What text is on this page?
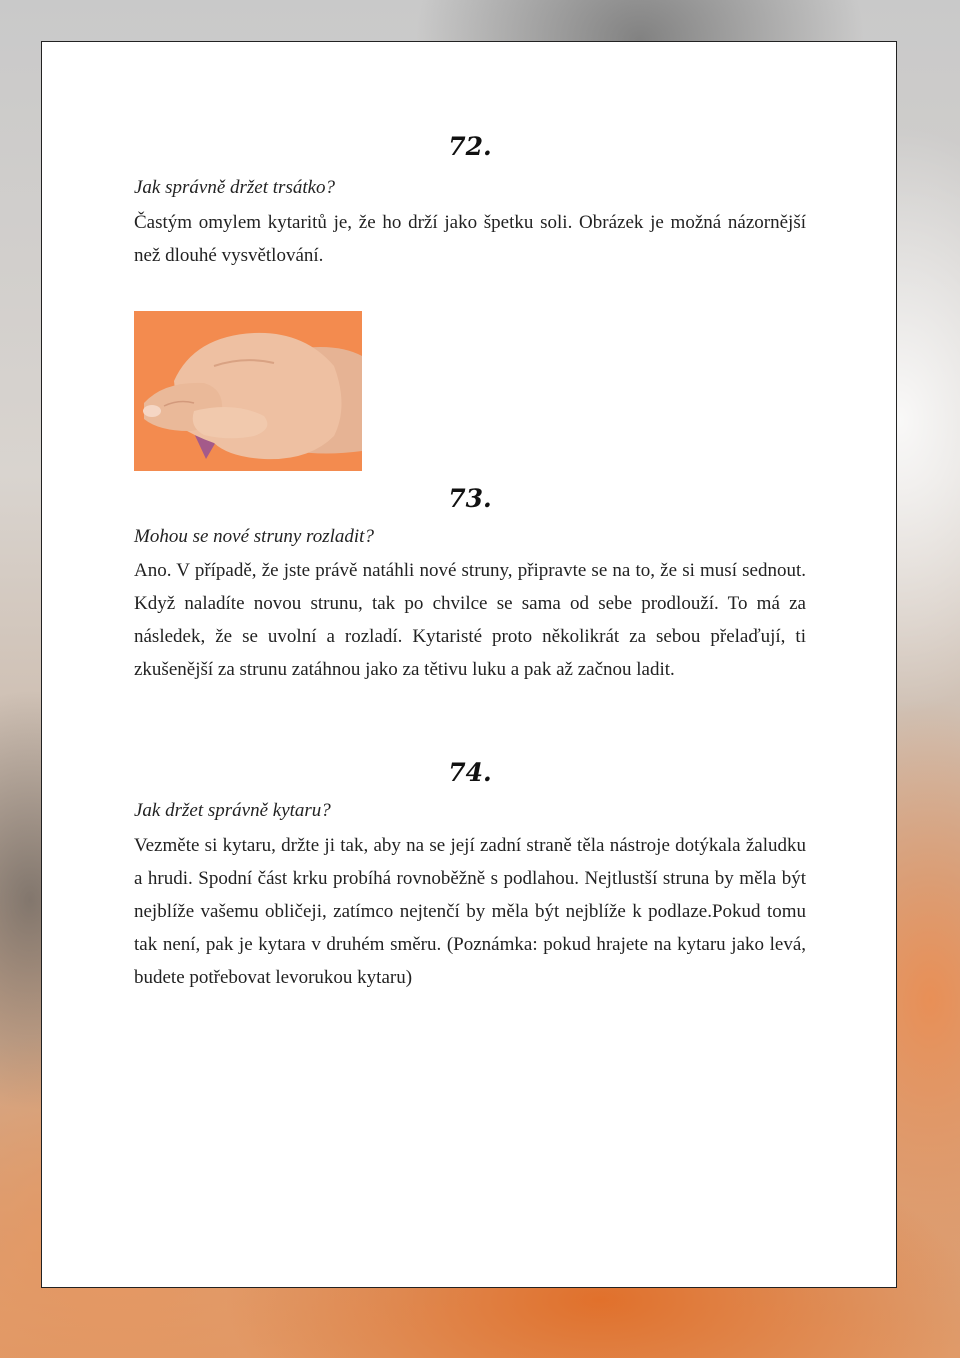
72.

Jak správně držet trsátko?

Častým omylem kytaritů je, že ho drží jako špetku soli. Obrázek je možná názornější než dlouhé vysvětlování.

73.

Mohou se nové struny rozladit?

Ano. V případě, že jste právě natáhli nové struny, připravte se na to, že si musí sednout. Když naladíte novou strunu, tak po chvilce se sama od sebe prodlouží. To má za následek, že se uvolní a rozladí. Kytaristé proto několikrát za sebou přelaďují, ti zkušenější za strunu zatáhnou jako za tětivu luku a pak až začnou ladit.

74.

Jak držet správně kytaru?

Vezměte si kytaru, držte ji tak, aby na se její zadní straně těla nástroje dotýkala žaludku a hrudi. Spodní část krku probíhá rovnoběžně s podlahou. Nejtlustší struna by měla být nejblíže vašemu obličeji, zatímco nejtenčí by měla být nejblíže k podlaze.Pokud tomu tak není, pak je kytara v druhém směru. (Poznámka: pokud hrajete na kytaru jako levá, budete potřebovat levorukou kytaru)
